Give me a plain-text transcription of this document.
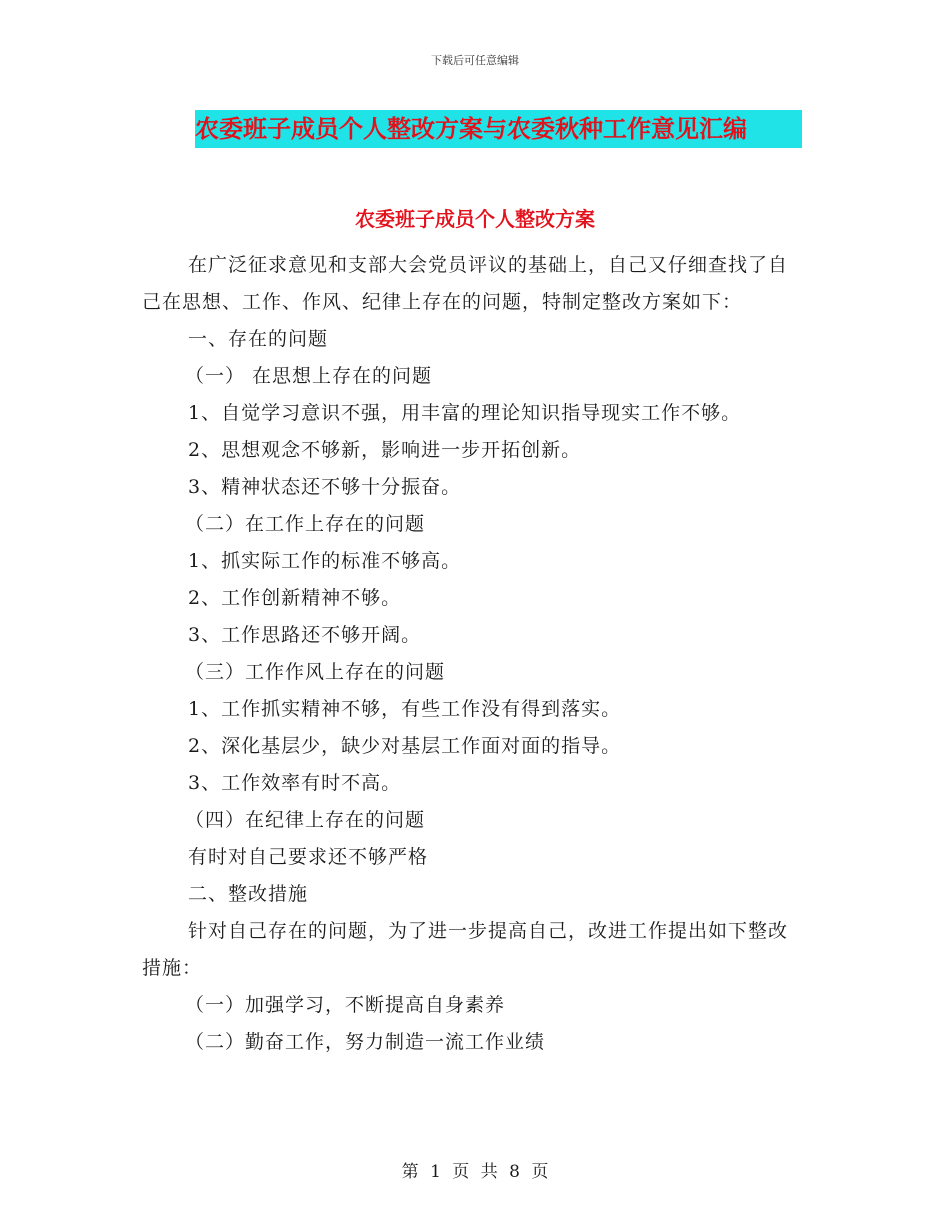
下载后可任意编辑
农委班子成员个人整改方案与农委秋种工作意见汇编
农委班子成员个人整改方案

在广泛征求意见和支部大会党员评议的基础上，自己又仔细查找了自己在思想、工作、作风、纪律上存在的问题，特制定整改方案如下：

一、存在的问题

（一） 在思想上存在的问题

1、自觉学习意识不强，用丰富的理论知识指导现实工作不够。

2、思想观念不够新，影响进一步开拓创新。

3、精神状态还不够十分振奋。

（二）在工作上存在的问题

1、抓实际工作的标准不够高。

2、工作创新精神不够。

3、工作思路还不够开阔。

（三）工作作风上存在的问题

1、工作抓实精神不够，有些工作没有得到落实。

2、深化基层少，缺少对基层工作面对面的指导。

3、工作效率有时不高。

（四）在纪律上存在的问题

有时对自己要求还不够严格

二、整改措施

针对自己存在的问题，为了进一步提高自己，改进工作提出如下整改措施：

（一）加强学习，不断提高自身素养

（二）勤奋工作，努力制造一流工作业绩

第 1 页 共 8 页
